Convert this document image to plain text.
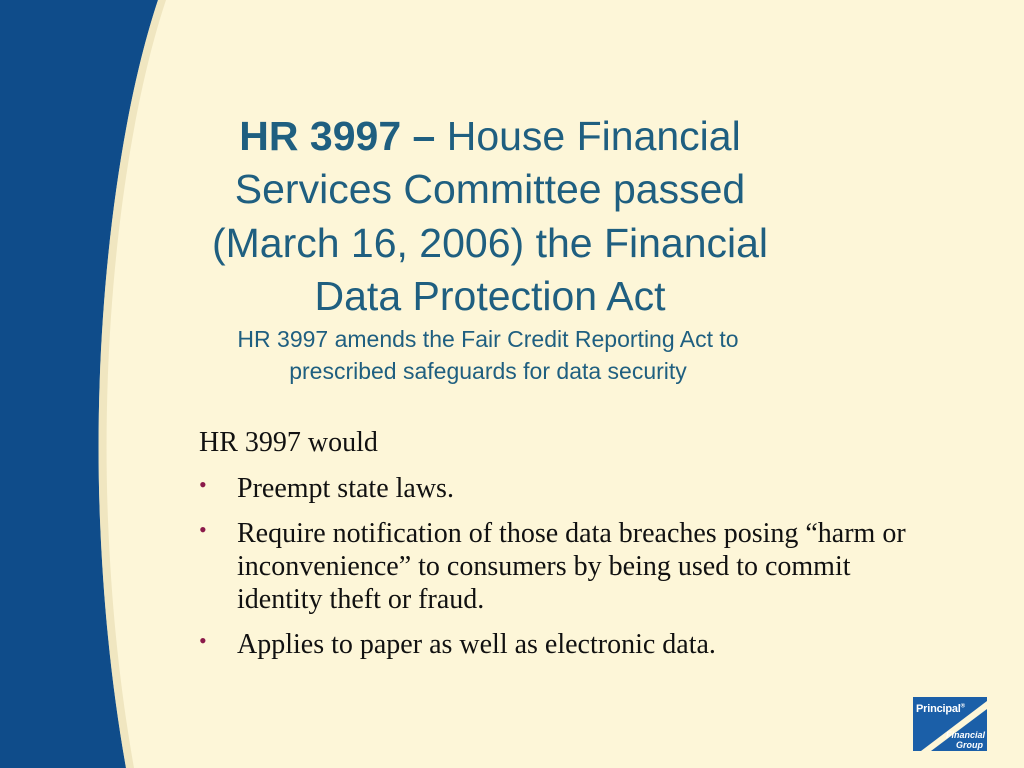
HR 3997 – House Financial Services Committee passed (March 16, 2006) the Financial Data Protection Act
HR 3997 amends the Fair Credit Reporting Act to prescribed safeguards for data security
HR 3997 would
• Preempt state laws.
• Require notification of those data breaches posing “harm or inconvenience” to consumers by being used to commit identity theft or fraud.
• Applies to paper as well as electronic data.
Principal®
Financial
Group
